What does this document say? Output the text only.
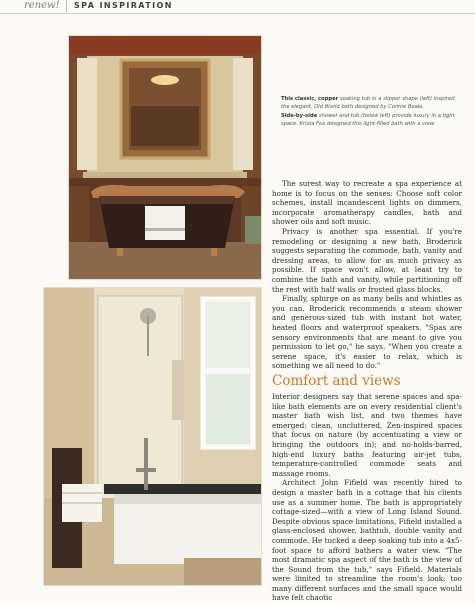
renew! SPA INSPIRATION

This classic, copper soaking tub in a slipper shape (left) inspired the elegant, Old World bath designed by Connie Beale.

Side-by-side shower and tub (below left) provide luxury in a tight space. Krista Fox designed this light-filled bath with a view.

The surest way to recreate a spa experience at home is to focus on the senses: Choose soft color schemes, install incandescent lights on dimmers, incorporate aromatherapy candles, bath and shower oils and soft music.

Privacy is another spa essential. If you're remodeling or designing a new bath, Broderick suggests separating the commode, bath, vanity and dressing areas, to allow for as much privacy as possible. If space won't allow, at least try to combine the bath and vanity, while partitioning off the rest with half walls or frosted glass blocks.

Finally, splurge on as many bells and whistles as you can. Broderick recommends a steam shower and generous-sized tub with instant hot water, heated floors and waterproof speakers. "Spas are sensory environments that are meant to give you permission to let go," he says. "When you create a serene space, it's easier to relax, which is something we all need to do."

Comfort and views

Interior designers say that serene spaces and spa-like bath elements are on every residential client's master bath wish list, and two themes have emerged: clean, uncluttered, Zen-inspired spaces that focus on nature (by accentuating a view or bringing the outdoors in); and no-holds-barred, high-end luxury baths featuring air-jet tubs, temperature-controlled commode seats and massage rooms.

Architect John Fifield was recently hired to design a master bath in a cottage that his clients use as a summer home. The bath is appropriately cottage-sized—with a view of Long Island Sound. Despite obvious space limitations, Fifield installed a glass-enclosed shower, bathtub, double vanity and commode. He tucked a deep soaking tub into a 4x5-foot space to afford bathers a water view. "The most dramatic spa aspect of the bath is the view of the Sound from the tub," says Fifield. Materials were limited to streamline the room's look; too many different surfaces and the small space would have felt chaotic
